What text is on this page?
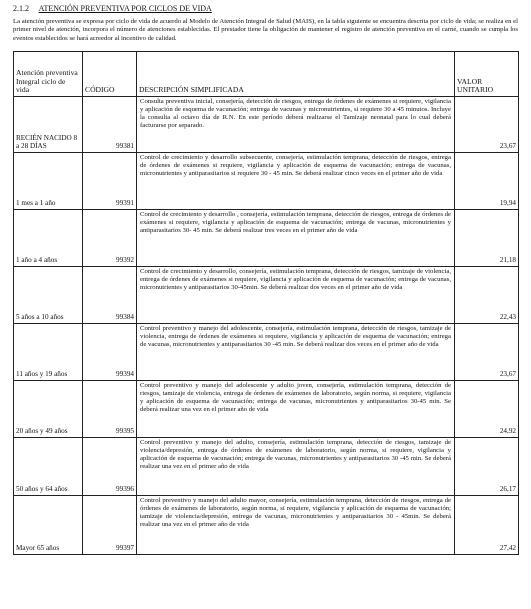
2.1.2 ATENCIÓN PREVENTIVA POR CICLOS DE VIDA

La atención preventiva se expresa por ciclo de vida de acuerdo al Modelo de Atención Integral de Salud (MAIS), en la tabla siguiente se encuentra descrita por ciclo de vida; se realiza en el primer nivel de atención, incorpora el número de atenciones establecidas. El prestador tiene la obligación de mantener el registro de atención preventiva en el carné, cuando se cumpla los eventos establecidos se hará acreedor al incentivo de calidad.

Atención preventiva Integral ciclo de vida	CÓDIGO	DESCRIPCIÓN SIMPLIFICADA	VALOR UNITARIO
RECIÉN NACIDO 8 a 28 DÍAS	99381	Consulta preventiva inicial, consejería, detección de riesgos, entrega de órdenes de exámenes si requiere, vigilancia y aplicación de esquema de vacunación; entrega de vacunas y micronutrientes, si requiere 30 a 45 minutos. Incluye la consulta al octavo día de R.N. En este período deberá realizarse el Tamizaje neonatal para lo cual deberá facturarse por separado.	23,67
1 mes a 1 año	99391	Control de crecimiento y desarrollo subsecuente, consejería, estimulación temprana, detección de riesgos, entrega de órdenes de exámenes si requiere, vigilancia y aplicación de esquema de vacunación; entrega de vacunas, micronutrientes y antiparasitarios si requiere 30 - 45 min. Se deberá realizar cinco veces en el primer año de vida	19,94
1 año a 4 años	99392	Control de crecimiento y desarrollo , consejería, estimulación temprana, detección de riesgos, entrega de órdenes de exámenes si requiere, vigilancia y aplicación de esquema de vacunación; entrega de vacunas, micronutrientes y antiparasitarios 30- 45 min. Se deberá realizar tres veces en el primer año de vida	21,18
5 años a 10 años	99384	Control de crecimiento y desarrollo, consejería, estimulación temprana, detección de riesgos, tamizaje de violencia, entrega de órdenes de exámenes si requiere, vigilancia y aplicación de esquema de vacunación; entrega de vacunas, micronutrientes y antiparasitarios 30-45min. Se deberá realizar dos veces en el primer año de vida	22,43
11 años y 19 años	99394	Control preventivo y manejo del adolescente, consejería, estimulación temprana, detección de riesgos, tamizaje de violencia, entrega de órdenes de exámenes si requiere, vigilancia y aplicación de esquema de vacunación; entrega de vacunas, micronutrientes y antiparasitarios 30 -45 min. Se deberá realizar dos veces en el primer año de vida	23,67
20 años y 49 años	99395	Control preventivo y manejo del adolescente y adulto joven, consejería, estimulación temprana, detección de riesgos, tamizaje de violencia, entrega de órdenes de exámenes de laboratorio, según norma, si requiere, vigilancia y aplicación de esquema de vacunación; entrega de vacunas, micronutrientes y antiparasitarios 30-45 min. Se deberá realizar una vez en el primer año de vida	24,92
50 años y 64 años	99396	Control preventivo y manejo del adulto, consejería, estimulación temprana, detección de riesgos, tamizaje de violencia/depresión, entrega de órdenes de exámenes de laboratorio, según norma, si requiere, vigilancia y aplicación de esquema de vacunación; entrega de vacunas, micronutrientes y antiparasitarios 30 -45 min. Se deberá realizar una vez en el primer año de vida	26,17
Mayor 65 años	99397	Control preventivo y manejo del adulto mayor, consejería, estimulación temprana, detección de riesgos, entrega de órdenes de exámenes de laboratorio, según norma, si requiere, vigilancia y aplicación de esquema de vacunación; tamizaje de violencia/depresión, entrega de vacunas, micronutrientes y antiparasitarios 30 - 45min. Se deberá realizar una vez en el primer año de vida	27,42
